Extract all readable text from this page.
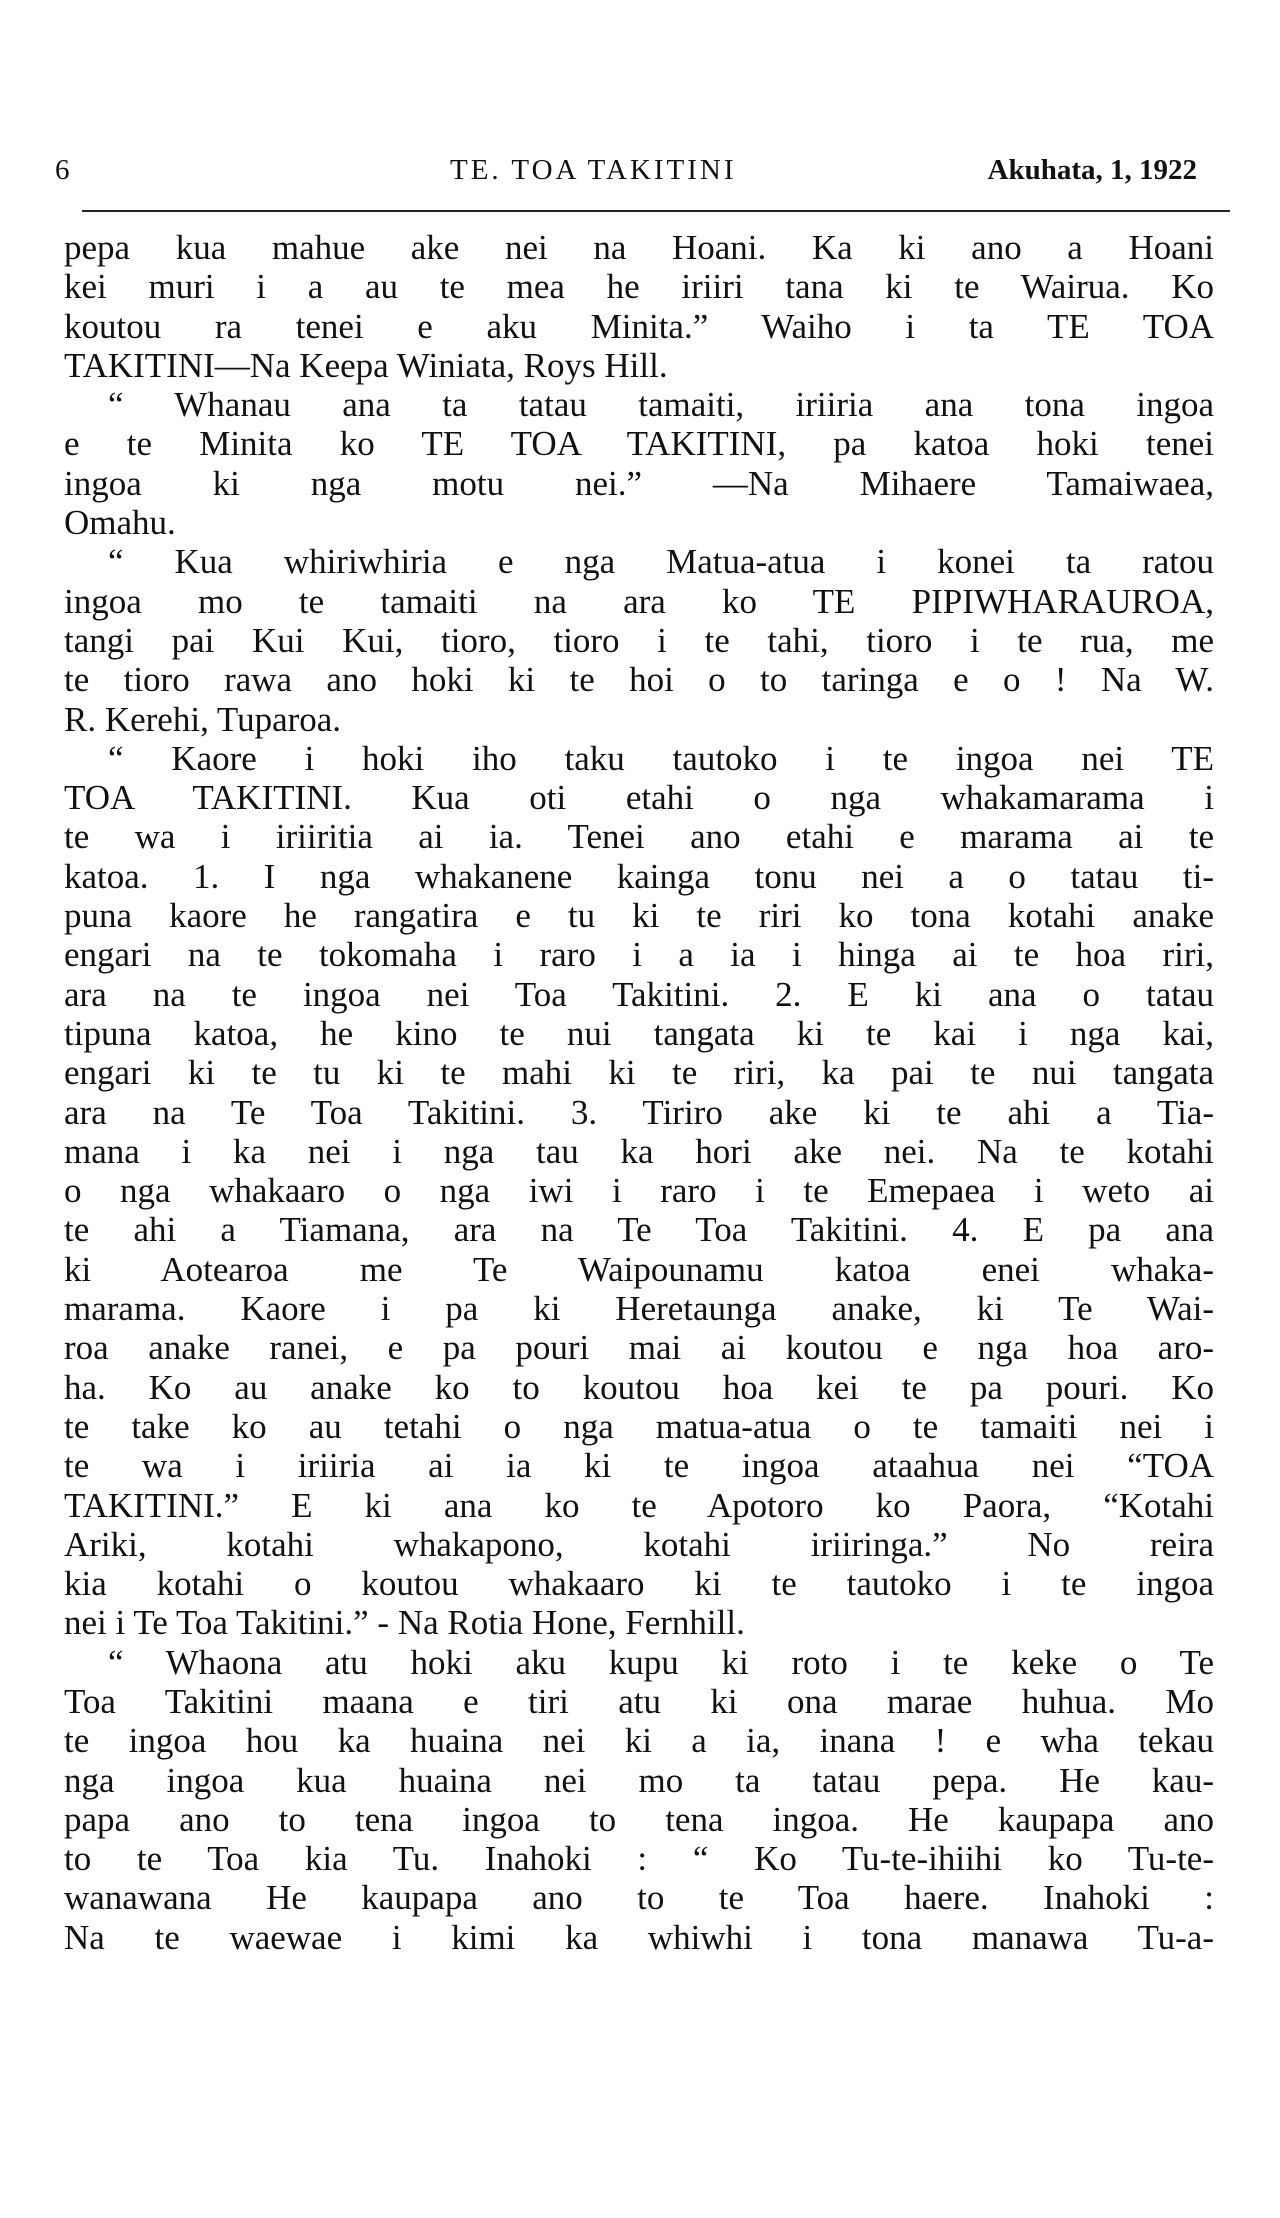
6	TE. TOA TAKITINI	Akuhata, 1, 1922
pepa kua mahue ake nei na Hoani. Ka ki ano a Hoani
kei muri i a au te mea he iriiri tana ki te Wairua. Ko
koutou ra tenei e aku Minita.” Waiho i ta TE TOA
TAKITINI—Na Keepa Winiata, Roys Hill.
“ Whanau ana ta tatau tamaiti, iriiria ana tona ingoa
e te Minita ko TE TOA TAKITINI, pa katoa hoki tenei
ingoa ki nga motu nei.” —Na Mihaere Tamaiwaea,
Omahu.
“ Kua whiriwhiria e nga Matua-atua i konei ta ratou
ingoa mo te tamaiti na ara ko TE PIPIWHARAUROA,
tangi pai Kui Kui, tioro, tioro i te tahi, tioro i te rua, me
te tioro rawa ano hoki ki te hoi o to taringa e o ! Na W.
R. Kerehi, Tuparoa.
“ Kaore i hoki iho taku tautoko i te ingoa nei TE
TOA TAKITINI. Kua oti etahi o nga whakamarama i
te wa i iriiritia ai ia. Tenei ano etahi e marama ai te
katoa. 1. I nga whakanene kainga tonu nei a o tatau ti-
puna kaore he rangatira e tu ki te riri ko tona kotahi anake
engari na te tokomaha i raro i a ia i hinga ai te hoa riri,
ara na te ingoa nei Toa Takitini. 2. E ki ana o tatau
tipuna katoa, he kino te nui tangata ki te kai i nga kai,
engari ki te tu ki te mahi ki te riri, ka pai te nui tangata
ara na Te Toa Takitini. 3. Tiriro ake ki te ahi a Tia-
mana i ka nei i nga tau ka hori ake nei. Na te kotahi
o nga whakaaro o nga iwi i raro i te Emepaea i weto ai
te ahi a Tiamana, ara na Te Toa Takitini. 4. E pa ana
ki Aotearoa me Te Waipounamu katoa enei whaka-
marama. Kaore i pa ki Heretaunga anake, ki Te Wai-
roa anake ranei, e pa pouri mai ai koutou e nga hoa aro-
ha. Ko au anake ko to koutou hoa kei te pa pouri. Ko
te take ko au tetahi o nga matua-atua o te tamaiti nei i
te wa i iriiria ai ia ki te ingoa ataahua nei “TOA
TAKITINI.” E ki ana ko te Apotoro ko Paora, “Kotahi
Ariki, kotahi whakapono, kotahi iriiringa.” No reira
kia kotahi o koutou whakaaro ki te tautoko i te ingoa
nei i Te Toa Takitini.” - Na Rotia Hone, Fernhill.
“ Whaona atu hoki aku kupu ki roto i te keke o Te
Toa Takitini maana e tiri atu ki ona marae huhua. Mo
te ingoa hou ka huaina nei ki a ia, inana ! e wha tekau
nga ingoa kua huaina nei mo ta tatau pepa. He kau-
papa ano to tena ingoa to tena ingoa. He kaupapa ano
to te Toa kia Tu. Inahoki : “ Ko Tu-te-ihiihi ko Tu-te-
wanawana He kaupapa ano to te Toa haere. Inahoki :
Na te waewae i kimi ka whiwhi i tona manawa Tu-a-
